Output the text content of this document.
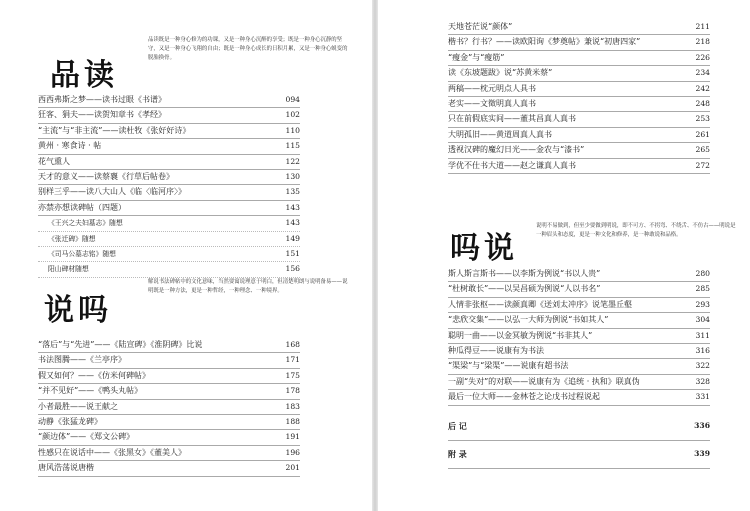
品读
品读既是一种身心修为的功课，又是一种身心沉醉的享受；既是一种身心沉静的坚守，又是一种身心飞翔的自由；既是一种身心成长的日积月累，又是一种身心蜕变的脱胎换骨。
西西弗斯之梦——读书过眼《书谱》	094
狂客、狷夫——读贺知章书《孝经》	102
“主流”与“非主流”——读杜牧《张好好诗》	110
黄州 · 寒食诗 · 帖	115
花气熏人	122
天才的意义——读蔡襄《行草后帖卷》	130
别样三乎——读八大山人《临〈临河序〉》	135
亦禁亦想读碑帖（四题）	143
《王兴之夫妇墓志》随想	143
《张迁碑》随想	149
《司马公墓志铭》随想	151
阳山碑材随想	156
说吗
解说书法碑帖中的文化意味，当然要寓说理意于明白，但清楚明朗与说明备易——说明既是一种方法，更是一种哲经，一种理念、一种境界。
“落后”与“先进”——《陆宣碑》《淮阴碑》比说	168
书法图腾——《兰亭序》	171
假又如何？——《仿米何碑帖》	175
“并不见好”——《鸭头丸帖》	178
小者最胜——说王献之	183
动静《张猛龙碑》	188
“颜边体”——《郑文公碑》	191
性感只在说话中——《张黑女》《董美人》	196
唐风浩荡说唐楷	201
天地苍茫说“颜体”	211
楷书？行书？——读欧阳询《梦奠帖》兼说“初唐四家”	218
“瘦金”与“瘦筋”	226
读《东坡题跋》说“苏黄米蔡”	234
两稿——枕元明点人具书	242
老实——文徵明真人真书	248
只在前假底实间——董其昌真人真书	253
大明孤旧——黄道周真人真书	261
透视汉碑的魔幻日光——金农与“漆书”	265
学优不仕书大道——赵之谦真人真书	272
吗说
说明不易做到，但至少要做到明说，即不可方、不拐弯、不绕舌、不仿古——明说是一种眉头和态度，更是一种文化和修养，是一种敢说和品格。
斯人斯言斯书——以李斯为例说“书以人贵”	280
“杜树敢长”——以吴昌硕为例说“人以书名”	285
人情非张枢——读颜真卿《送刘太冲序》说笔墨丘壑	293
“悲欣交集”——以弘一大师为例说“书如其人”	304
聪明一曲——以金冥敏为例说“书非其人”	311
种瓜得豆——说康有为书法	316
“渠梁”与“梁渠”——说康有超书法	322
一副“失对”的对联——说康有为《追统 · 执和》联真伪	328
最后一位大师——金林苍之论戊书过程说起	331
后 记	336
附 录	339
